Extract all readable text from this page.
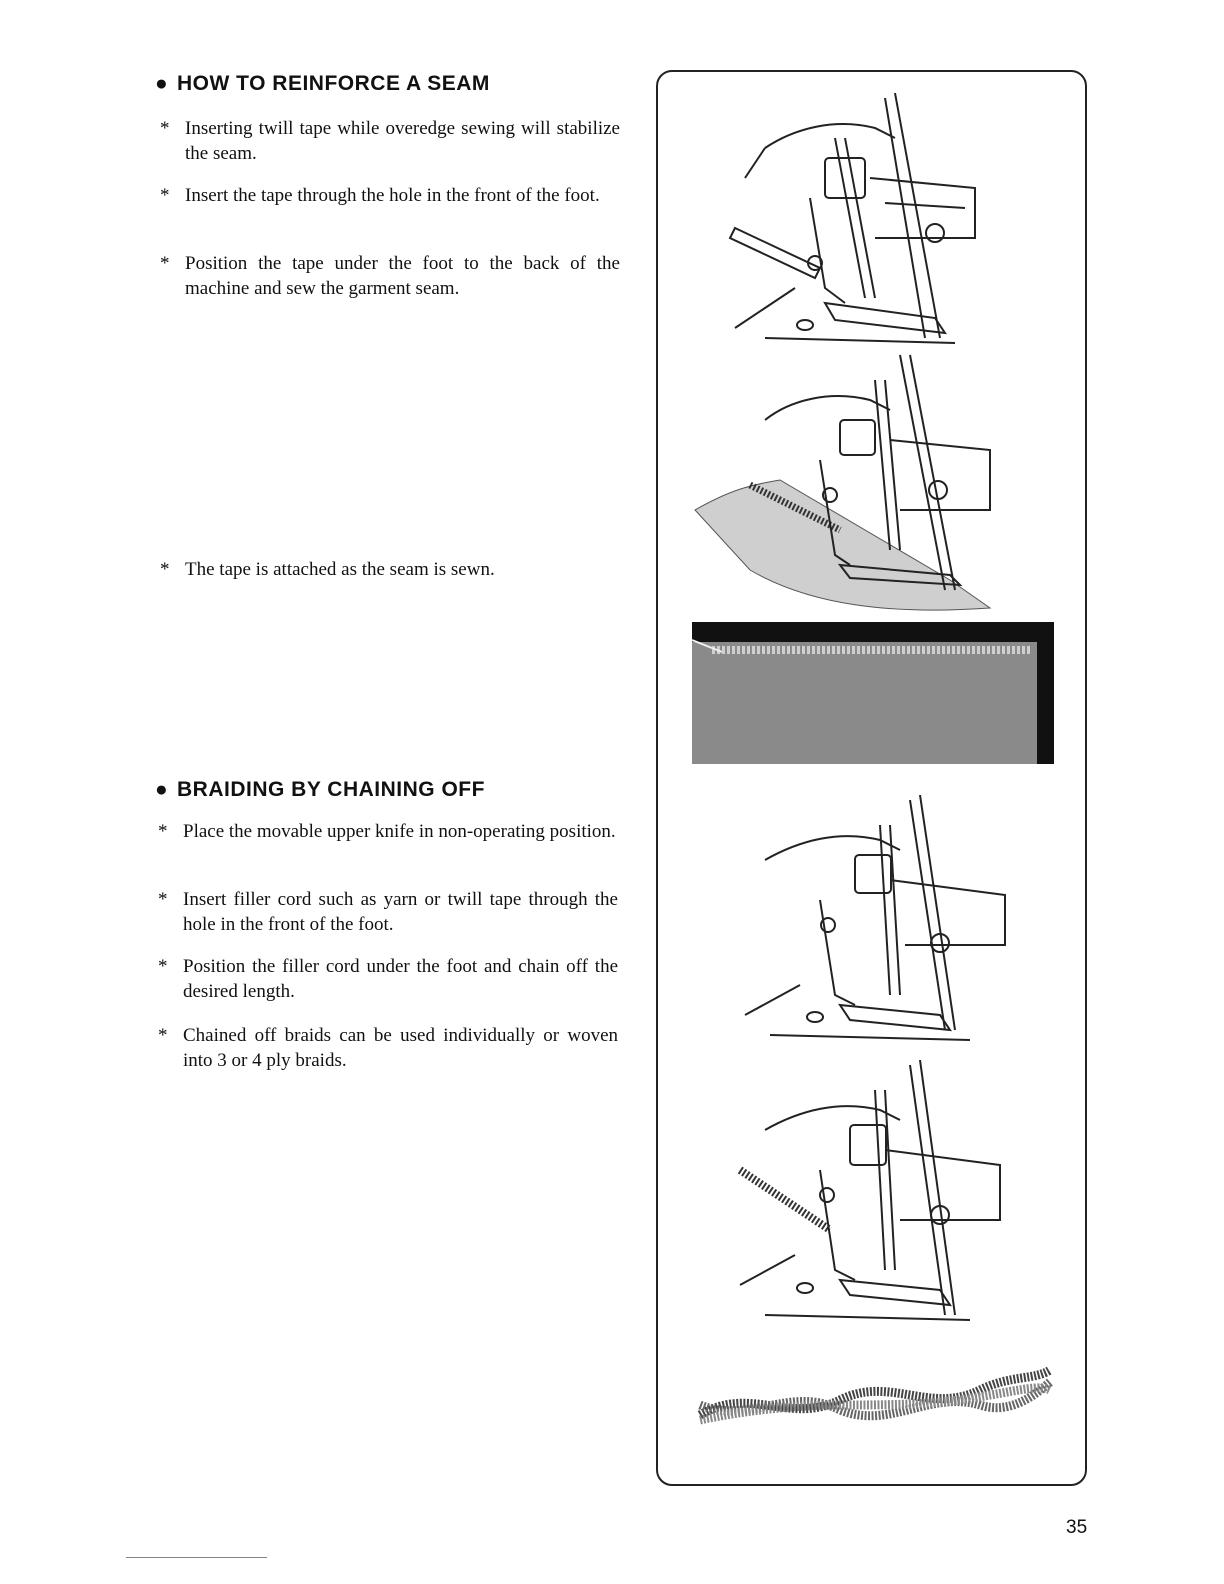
● HOW TO REINFORCE A SEAM
* Inserting twill tape while overedge sewing will stabilize the seam.
* Insert the tape through the hole in the front of the foot.
* Position the tape under the foot to the back of the machine and sew the garment seam.
* The tape is attached as the seam is sewn.
● BRAIDING BY CHAINING OFF
* Place the movable upper knife in non-operating position.
* Insert filler cord such as yarn or twill tape through the hole in the front of the foot.
* Position the filler cord under the foot and chain off the desired length.
* Chained off braids can be used individually or woven into 3 or 4 ply braids.
35
